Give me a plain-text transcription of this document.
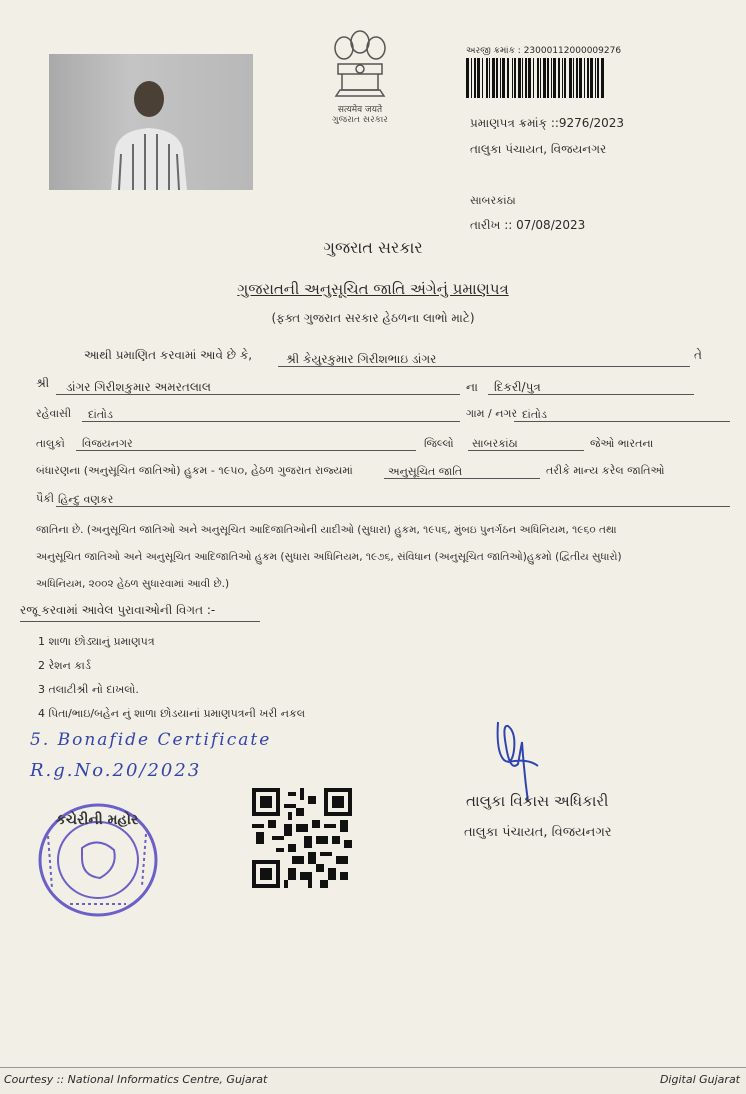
सत्यमेव जयते
ગુજરાત સરકાર
અરજી ક્રમાંક : 23000112000009276
પ્રમાણપત્ર ક્રમાંક્ ::9276/2023
તાલુકા પંચાયત, વિજયનગર
સાબરકાંઠા
તારીખ :: 07/08/2023
ગુજરાત સરકાર
ગુજરાતની અનુસૂચિત જાતિ અંગેનું પ્રમાણપત્ર
(ફક્ત ગુજરાત સરકાર હેઠળના લાભો માટે)
આથી પ્રમાણિત કરવામાં આવે છે કે,	શ્રી કેયુરકુમાર ગિરીશભાઇ ડાંગર	તે
શ્રી	ડાંગર ગિરીશકુમાર અમરતલાલ	ના	દિકરી/પુત્ર
રહેવાસી	દાંતોડ	ગામ / નગર દાંતોડ
તાલુકો	વિજયનગર	જિલ્લો	સાબરકાંઠા	જેઓ ભારતના
બંધારણના (અનુસૂચિત જાતિઓ) હુકમ - ૧૯૫૦, હેઠળ ગુજરાત રાજ્યમાં	અનુસૂચિત જાતિ	તરીકે માન્ય કરેલ જાતિઓ
પૈકી હિન્દુ વણકર
જાતિના છે. (અનુસૂચિત જાતિઓ અને અનુસૂચિત આદિજાતિઓની યાદીઓ (સુધારા) હુકમ, ૧૯૫૬, મુંબઇ પુનર્ગઠન અધિનિયમ, ૧૯૬૦ તથા
અનુસૂચિત જાતિઓ અને અનુસૂચિત આદિજાતિઓ હુકમ (સુધારા અધિનિયમ, ૧૯૭૬, સંવિધાન (અનુસૂચિત જાતિઓ)હુકમો (દ્વિતીય સુધારો)
અધિનિયમ, ૨૦૦૨ હેઠળ સુધારવામાં આવી છે.)
રજૂ કરવામાં આવેલ પુરાવાઓની વિગત :-
1 શાળા છોડ્યાનું પ્રમાણપત્ર
2 રેશન કાર્ડ
3 તલાટીશ્રી નો દાખલો.
4 પિતા/ભાઇ/બહેન નું શાળા છોડયાનાં પ્રમાણપત્રની ખરી નકલ
5. Bonafide Certificate
R.g.No.20/2023
તાલુકા વિકાસ અધિકારી
તાલુકા પંચાયત, વિજયનગર
કચેરીની મહોર
Courtesy :: National Informatics Centre, Gujarat	Digital Gujarat
